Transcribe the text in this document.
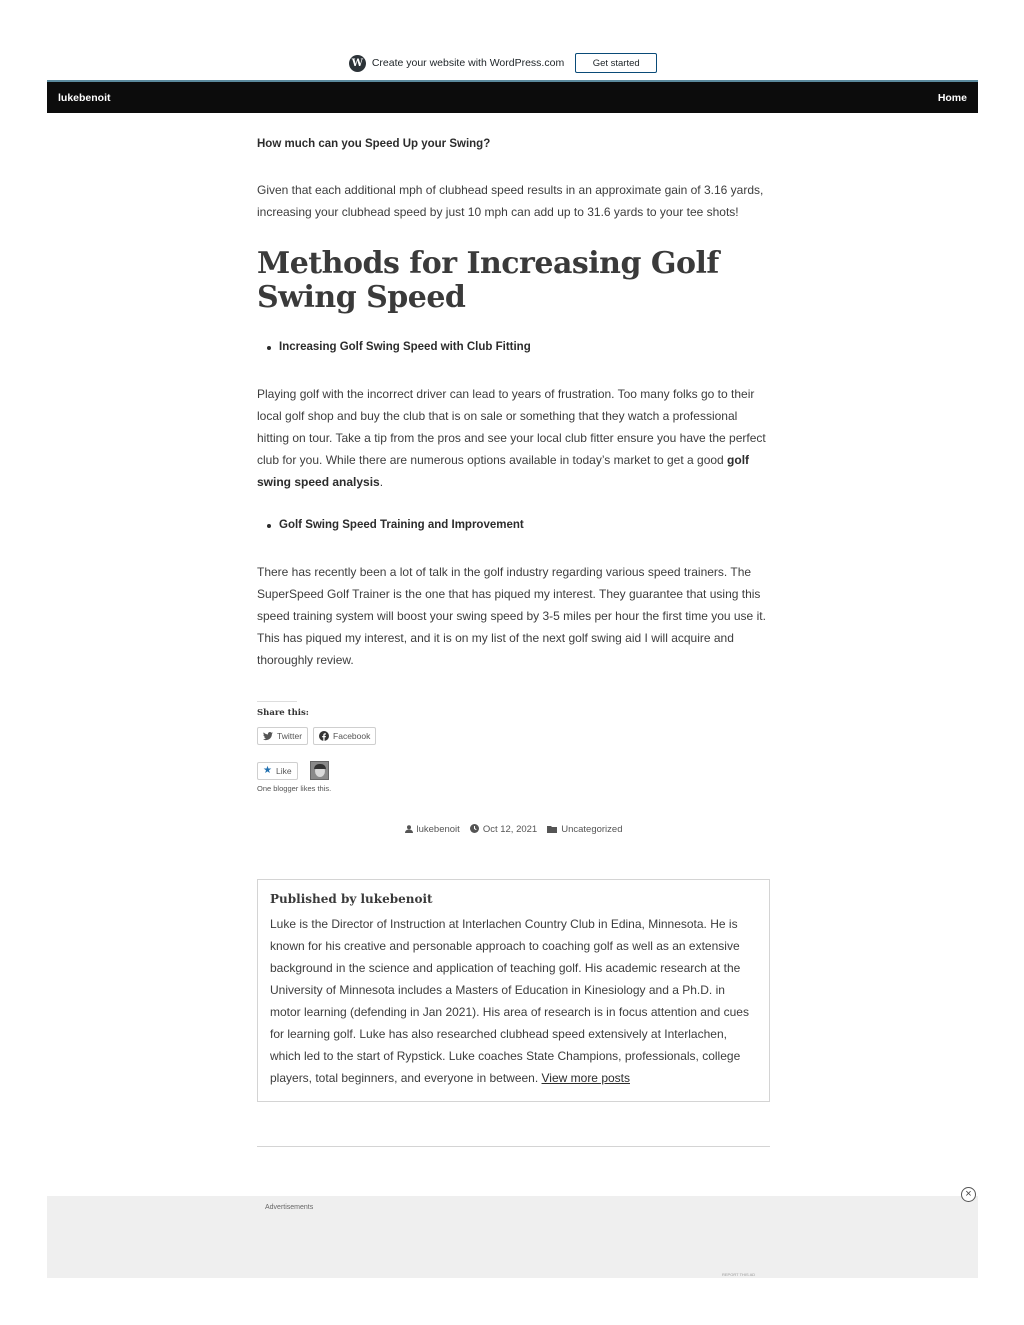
W Create your website with WordPress.com	Get started
lukebenoit	Home

How much can you Speed Up your Swing?

Given that each additional mph of clubhead speed results in an approximate gain of 3.16 yards, increasing your clubhead speed by just 10 mph can add up to 31.6 yards to your tee shots!

Methods for Increasing Golf Swing Speed
Increasing Golf Swing Speed with Club Fitting

Playing golf with the incorrect driver can lead to years of frustration. Too many folks go to their local golf shop and buy the club that is on sale or something that they watch a professional hitting on tour. Take a tip from the pros and see your local club fitter ensure you have the perfect club for you. While there are numerous options available in today’s market to get a good golf swing speed analysis.

Golf Swing Speed Training and Improvement

There has recently been a lot of talk in the golf industry regarding various speed trainers. The SuperSpeed Golf Trainer is the one that has piqued my interest. They guarantee that using this speed training system will boost your swing speed by 3-5 miles per hour the first time you use it. This has piqued my interest, and it is on my list of the next golf swing aid I will acquire and thoroughly review.

Share this:
Twitter	Facebook
★ Like
One blogger likes this.
lukebenoit Oct 12, 2021	Uncategorized
Published by lukebenoit

Luke is the Director of Instruction at Interlachen Country Club in Edina, Minnesota. He is known for his creative and personable approach to coaching golf as well as an extensive background in the science and application of teaching golf. His academic research at the University of Minnesota includes a Masters of Education in Kinesiology and a Ph.D. in motor learning (defending in Jan 2021). His area of research is in focus attention and cues for learning golf. Luke has also researched clubhead speed extensively at Interlachen, which led to the start of Rypstick. Luke coaches State Champions, professionals, college players, total beginners, and everyone in between. View more posts

Advertisements
REPORT THIS AD
×
